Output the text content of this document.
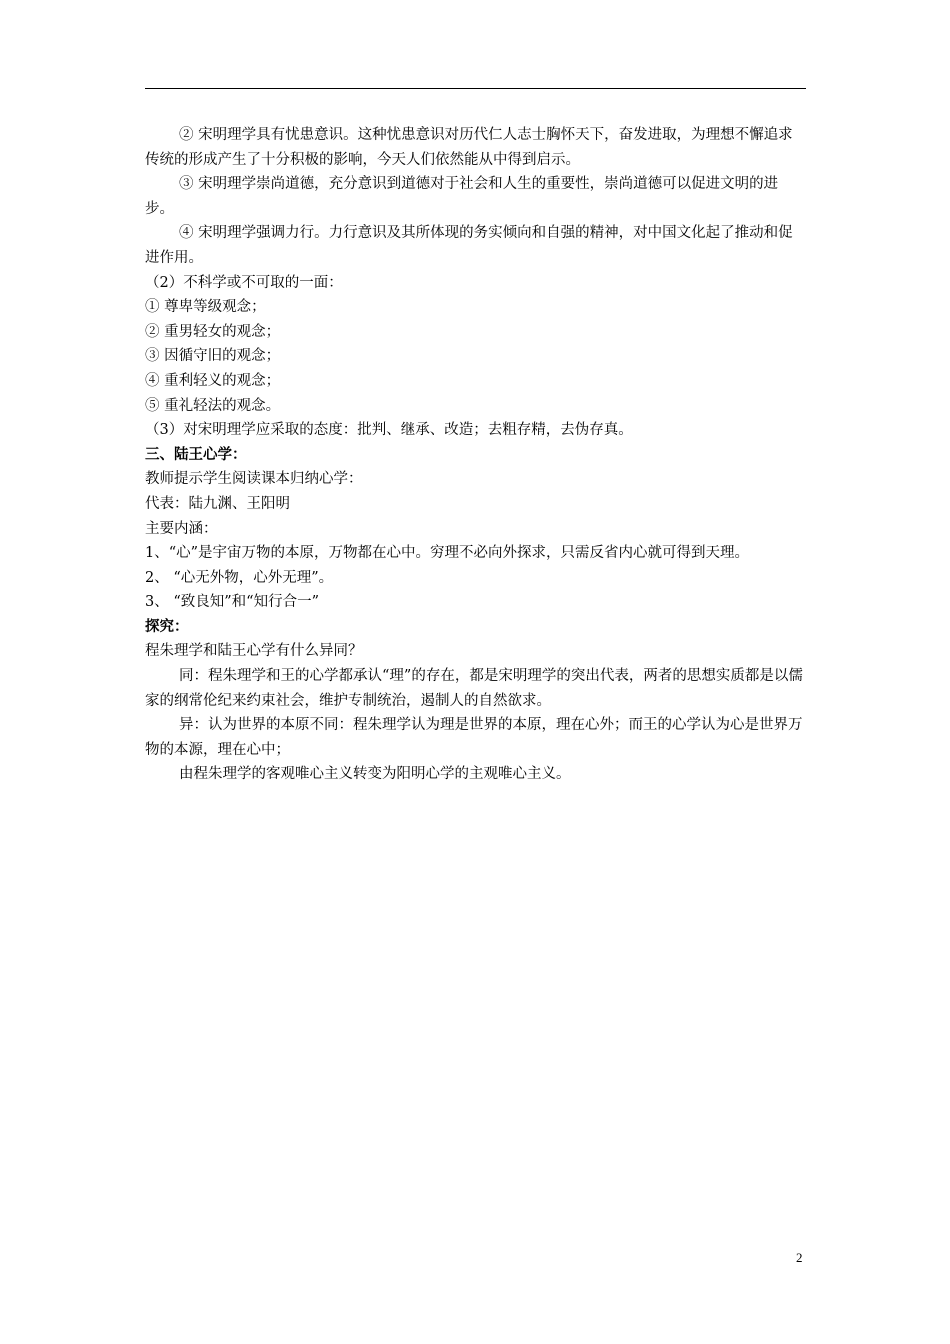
② 宋明理学具有忧患意识。这种忧患意识对历代仁人志士胸怀天下，奋发进取，为理想不懈追求传统的形成产生了十分积极的影响，今天人们依然能从中得到启示。

③ 宋明理学崇尚道德，充分意识到道德对于社会和人生的重要性，崇尚道德可以促进文明的进步。

④ 宋明理学强调力行。力行意识及其所体现的务实倾向和自强的精神，对中国文化起了推动和促进作用。

（2）不科学或不可取的一面：

① 尊卑等级观念；

② 重男轻女的观念；

③ 因循守旧的观念；

④ 重利轻义的观念；

⑤ 重礼轻法的观念。

（3）对宋明理学应采取的态度：批判、继承、改造；去粗存精，去伪存真。

三、陆王心学：

教师提示学生阅读课本归纳心学：

代表：陆九渊、王阳明

主要内涵：

1、“心”是宇宙万物的本原，万物都在心中。穷理不必向外探求，只需反省内心就可得到天理。

2、 “心无外物，心外无理”。

3、 “致良知”和“知行合一”

探究：

程朱理学和陆王心学有什么异同？

同：程朱理学和王的心学都承认“理”的存在，都是宋明理学的突出代表，两者的思想实质都是以儒家的纲常伦纪来约束社会，维护专制统治，遏制人的自然欲求。

异：认为世界的本原不同：程朱理学认为理是世界的本原，理在心外；而王的心学认为心是世界万物的本源，理在心中；

由程朱理学的客观唯心主义转变为阳明心学的主观唯心主义。

2
